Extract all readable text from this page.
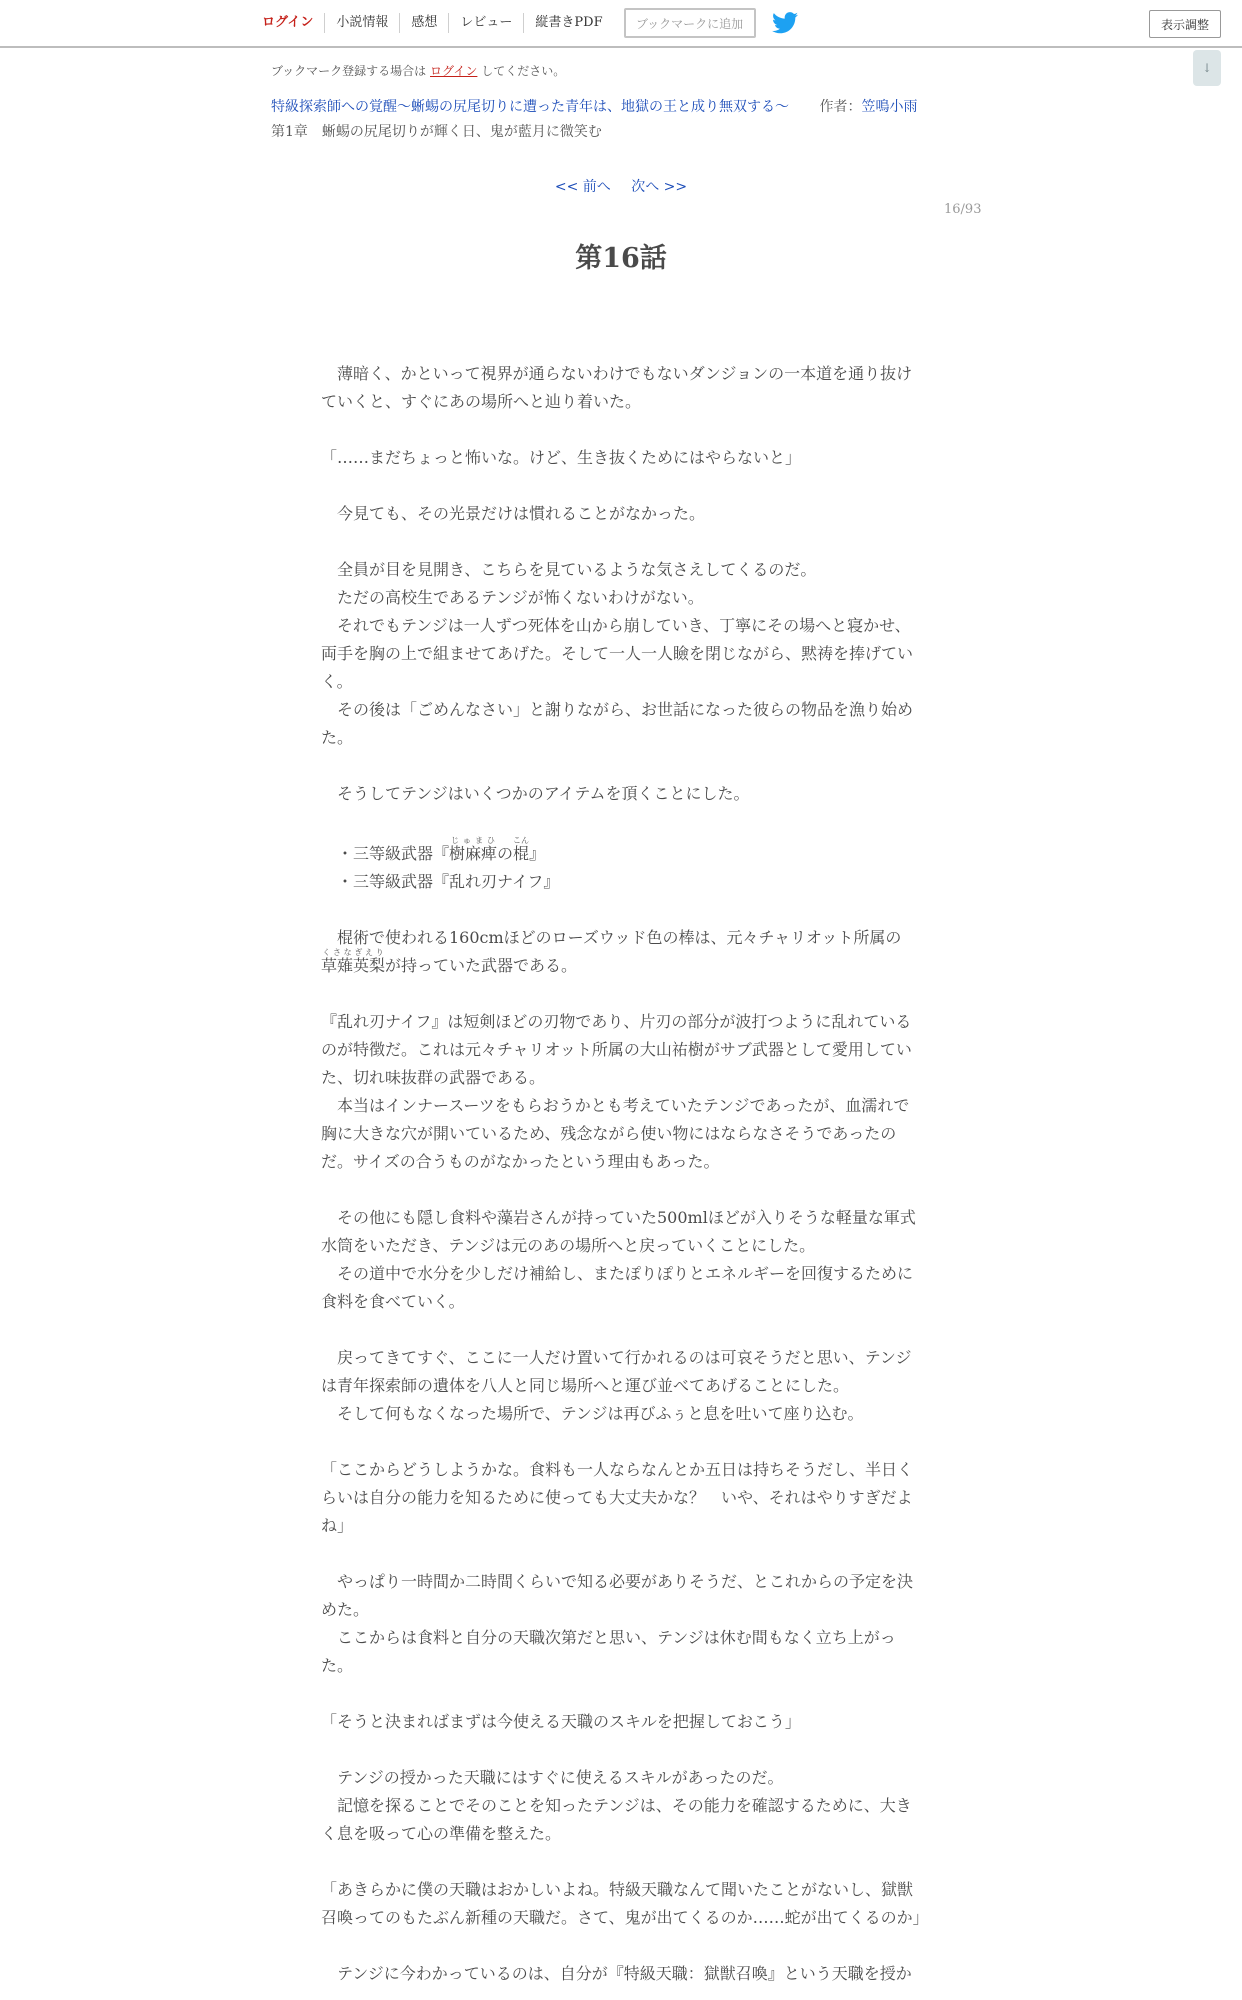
ログイン	小説情報	感想	レビュー	縦書きPDF	ブックマークに追加	表示調整
↓
ブックマーク登録する場合は ログイン してください。
特級探索師への覚醒～蜥蜴の尻尾切りに遭った青年は、地獄の王と成り無双する～ 作者：笠鳴小雨
第1章　蜥蜴の尻尾切りが輝く日、鬼が藍月に微笑む
<< 前へ 次へ >>
16/93
第16話

　薄暗く、かといって視界が通らないわけでもないダンジョンの一本道を通り抜けていくと、すぐにあの場所へと辿り着いた。

「……まだちょっと怖いな。けど、生き抜くためにはやらないと」

　今見ても、その光景だけは慣れることがなかった。

　全員が目を見開き、こちらを見ているような気さえしてくるのだ。

　ただの高校生であるテンジが怖くないわけがない。

　それでもテンジは一人ずつ死体を山から崩していき、丁寧にその場へと寝かせ、両手を胸の上で組ませてあげた。そして一人一人瞼を閉じながら、黙祷を捧げていく。

　その後は「ごめんなさい」と謝りながら、お世話になった彼らの物品を漁り始めた。

　そうしてテンジはいくつかのアイテムを頂くことにした。

　・三等級武器『樹麻痺じゅまひの棍こん』

　・三等級武器『乱れ刃ナイフ』

　棍術で使われる160cmほどのローズウッド色の棒は、元々チャリオット所属の草薙英梨くさなぎえりが持っていた武器である。

『乱れ刃ナイフ』は短剣ほどの刃物であり、片刃の部分が波打つように乱れているのが特徴だ。これは元々チャリオット所属の大山祐樹がサブ武器として愛用していた、切れ味抜群の武器である。

　本当はインナースーツをもらおうかとも考えていたテンジであったが、血濡れで胸に大きな穴が開いているため、残念ながら使い物にはならなさそうであったのだ。サイズの合うものがなかったという理由もあった。

　その他にも隠し食料や藻岩さんが持っていた500mlほどが入りそうな軽量な軍式水筒をいただき、テンジは元のあの場所へと戻っていくことにした。

　その道中で水分を少しだけ補給し、またぽりぽりとエネルギーを回復するために食料を食べていく。

　戻ってきてすぐ、ここに一人だけ置いて行かれるのは可哀そうだと思い、テンジは青年探索師の遺体を八人と同じ場所へと運び並べてあげることにした。

　そして何もなくなった場所で、テンジは再びふぅと息を吐いて座り込む。

「ここからどうしようかな。食料も一人ならなんとか五日は持ちそうだし、半日くらいは自分の能力を知るために使っても大丈夫かな？　いや、それはやりすぎだよね」

　やっぱり一時間か二時間くらいで知る必要がありそうだ、とこれからの予定を決めた。

　ここからは食料と自分の天職次第だと思い、テンジは休む間もなく立ち上がった。

「そうと決まればまずは今使える天職のスキルを把握しておこう」

　テンジの授かった天職にはすぐに使えるスキルがあったのだ。

　記憶を探ることでそのことを知ったテンジは、その能力を確認するために、大きく息を吸って心の準備を整えた。

「あきらかに僕の天職はおかしいよね。特級天職なんて聞いたことがないし、獄獣召喚ってのもたぶん新種の天職だ。さて、鬼が出てくるのか……蛇が出てくるのか」

　テンジに今わかっているのは、自分が『特級天職：獄獣召喚』という天職を授か
